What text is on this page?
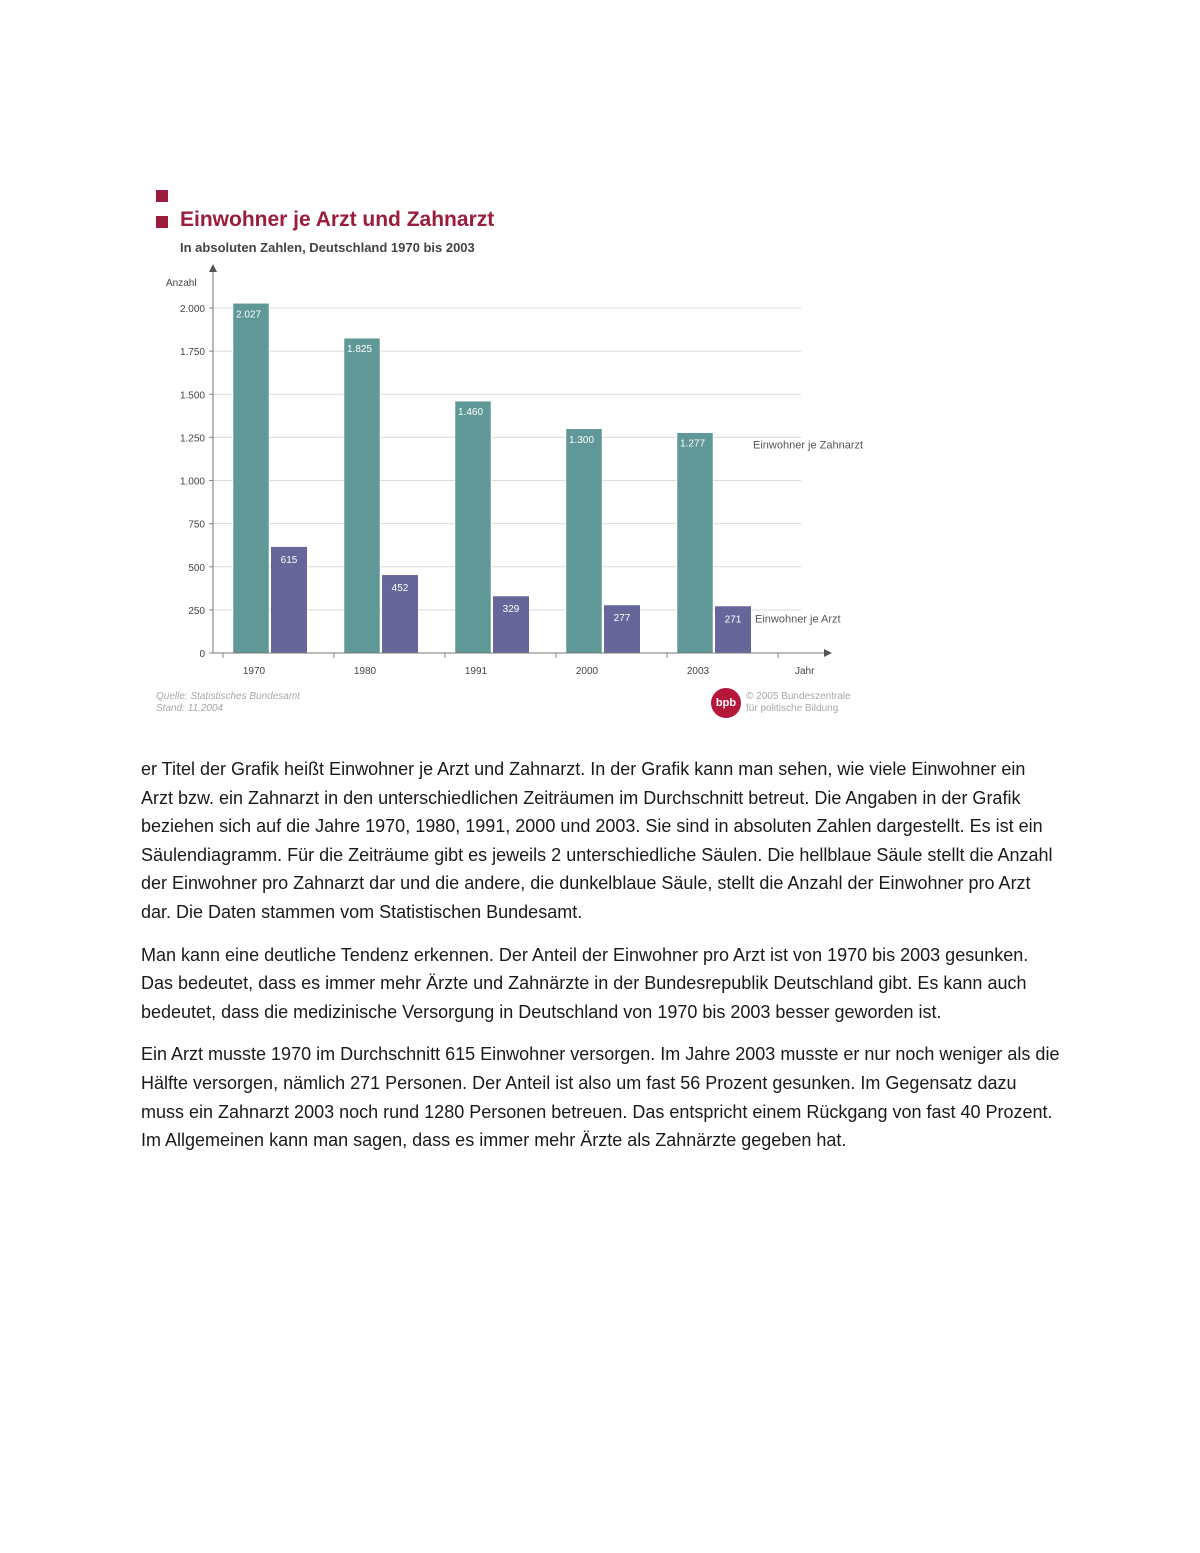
Einwohner je Arzt und Zahnarzt
In absoluten Zahlen, Deutschland 1970 bis 2003
2.027
615
1.825
452
1.460
329
1.300
277
1.277
271
Einwohner je Zahnarzt
Einwohner je Arzt
0
250
500
750
1.000
1.250
1.500
1.750
2.000
1970	1980	1991	2000	2003
Anzahl
Jahr
Quelle: Statistisches Bundesamt
Stand: 11.2004	bpb
© 2005 Bundeszentrale
für politische Bildung

er Titel der Grafik heißt Einwohner je Arzt und Zahnarzt. In der Grafik kann man sehen, wie viele Einwohner ein Arzt bzw. ein Zahnarzt in den unterschiedlichen Zeiträumen im Durchschnitt betreut. Die Angaben in der Grafik beziehen sich auf die Jahre 1970, 1980, 1991, 2000 und 2003. Sie sind in absoluten Zahlen dargestellt. Es ist ein Säulendiagramm. Für die Zeiträume gibt es jeweils 2 unterschiedliche Säulen. Die hellblaue Säule stellt die Anzahl der Einwohner pro Zahnarzt dar und die andere, die dunkelblaue Säule, stellt die Anzahl der Einwohner pro Arzt dar. Die Daten stammen vom Statistischen Bundesamt.

Man kann eine deutliche Tendenz erkennen. Der Anteil der Einwohner pro Arzt ist von 1970 bis 2003 gesunken. Das bedeutet, dass es immer mehr Ärzte und Zahnärzte in der Bundesrepublik Deutschland gibt. Es kann auch bedeutet, dass die medizinische Versorgung in Deutschland von 1970 bis 2003 besser geworden ist.

Ein Arzt musste 1970 im Durchschnitt 615 Einwohner versorgen. Im Jahre 2003 musste er nur noch weniger als die Hälfte versorgen, nämlich 271 Personen. Der Anteil ist also um fast 56 Prozent gesunken. Im Gegensatz dazu muss ein Zahnarzt 2003 noch rund 1280 Personen betreuen. Das entspricht einem Rückgang von fast 40 Prozent. Im Allgemeinen kann man sagen, dass es immer mehr Ärzte als Zahnärzte gegeben hat.
